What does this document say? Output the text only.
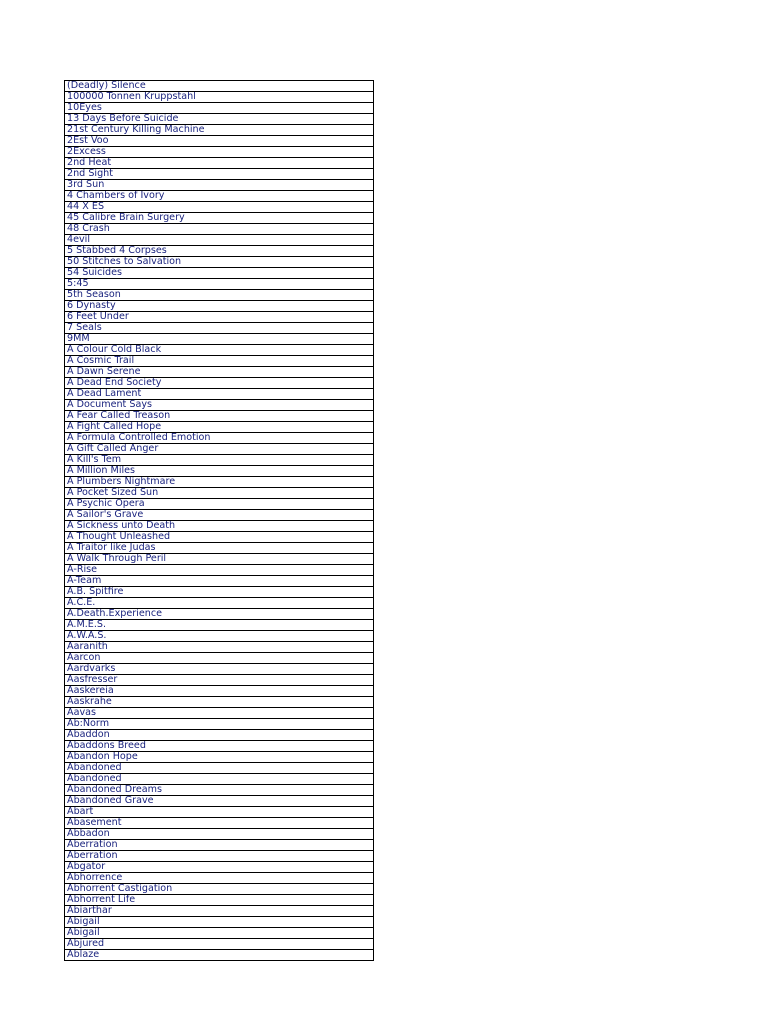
(Deadly) Silence
100000 Tonnen Kruppstahl
10Eyes
13 Days Before Suicide
21st Century Killing Machine
2Est Voo
2Excess
2nd Heat
2nd Sight
3rd Sun
4 Chambers of Ivory
44 X ES
45 Calibre Brain Surgery
48 Crash
4evil
5 Stabbed 4 Corpses
50 Stitches to Salvation
54 Suicides
5:45
5th Season
6 Dynasty
6 Feet Under
7 Seals
9MM
A Colour Cold Black
A Cosmic Trail
A Dawn Serene
A Dead End Society
A Dead Lament
A Document Says
A Fear Called Treason
A Fight Called Hope
A Formula Controlled Emotion
A Gift Called Anger
A Kill's Tem
A Million Miles
A Plumbers Nightmare
A Pocket Sized Sun
A Psychic Opera
A Sailor's Grave
A Sickness unto Death
A Thought Unleashed
A Traitor like Judas
A Walk Through Peril
A-Rise
A-Team
A.B. Spitfire
A.C.E.
A.Death.Experience
A.M.E.S.
A.W.A.S.
Aaranith
Aarcon
Aardvarks
Aasfresser
Aaskereia
Aaskrahe
Aavas
Ab:Norm
Abaddon
Abaddons Breed
Abandon Hope
Abandoned
Abandoned
Abandoned Dreams
Abandoned Grave
Abart
Abasement
Abbadon
Aberration
Aberration
Abgator
Abhorrence
Abhorrent Castigation
Abhorrent Life
Abiarthar
Abigail
Abigail
Abjured
Ablaze
